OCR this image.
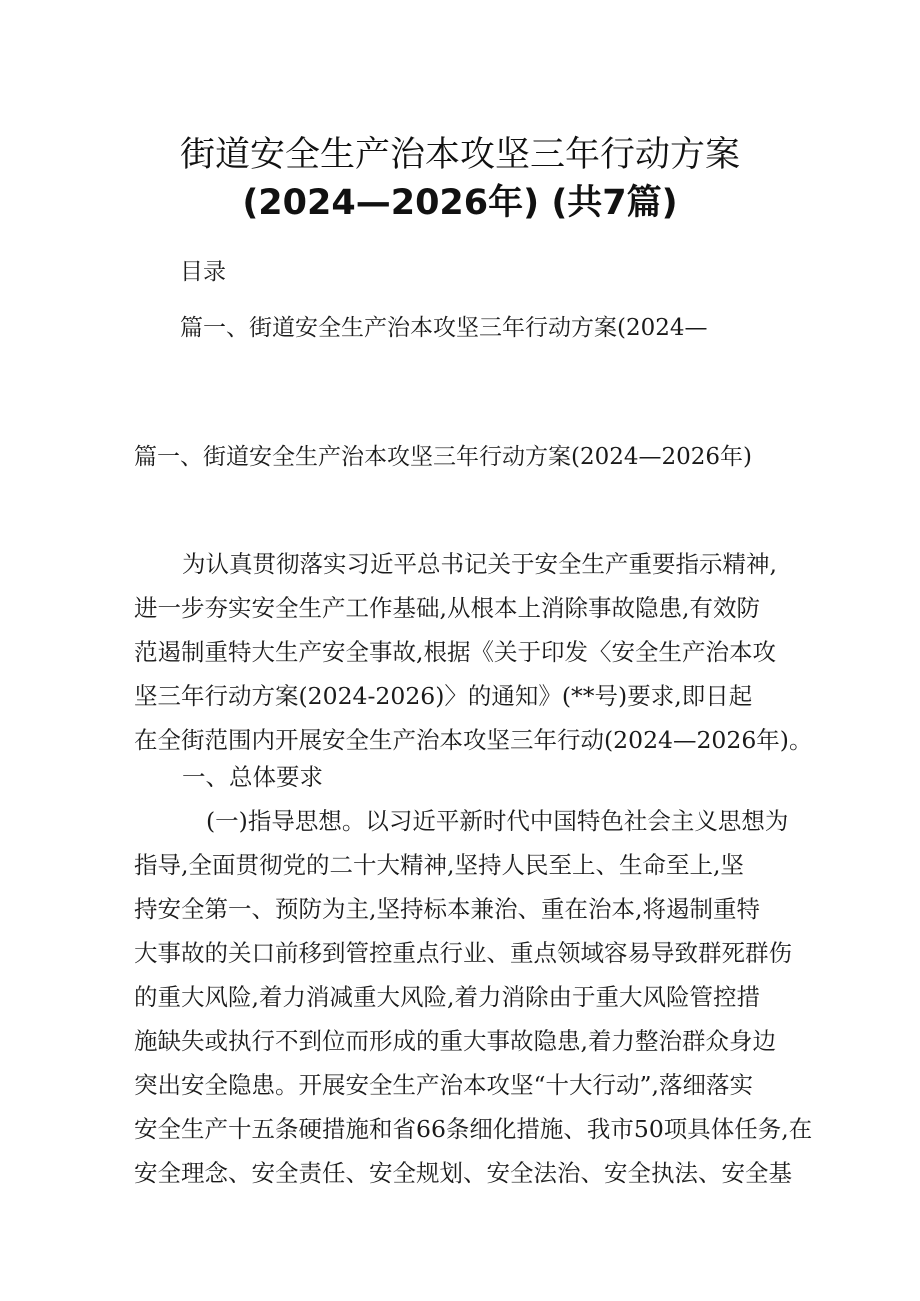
街道安全生产治本攻坚三年行动方案
(2024—2026年) (共7篇)
目录
篇一、街道安全生产治本攻坚三年行动方案(2024—
篇一、街道安全生产治本攻坚三年行动方案(2024—2026年)
为认真贯彻落实习近平总书记关于安全生产重要指示精神,
进一步夯实安全生产工作基础,从根本上消除事故隐患,有效防
范遏制重特大生产安全事故,根据《关于印发〈安全生产治本攻
坚三年行动方案(2024-2026)〉的通知》(**号)要求,即日起
在全街范围内开展安全生产治本攻坚三年行动(2024—2026年)。
一、总体要求
(一)指导思想。以习近平新时代中国特色社会主义思想为
指导,全面贯彻党的二十大精神,坚持人民至上、生命至上,坚
持安全第一、预防为主,坚持标本兼治、重在治本,将遏制重特
大事故的关口前移到管控重点行业、重点领域容易导致群死群伤
的重大风险,着力消减重大风险,着力消除由于重大风险管控措
施缺失或执行不到位而形成的重大事故隐患,着力整治群众身边
突出安全隐患。开展安全生产治本攻坚“十大行动”,落细落实
安全生产十五条硬措施和省66条细化措施、我市50项具体任务,在
安全理念、安全责任、安全规划、安全法治、安全执法、安全基
